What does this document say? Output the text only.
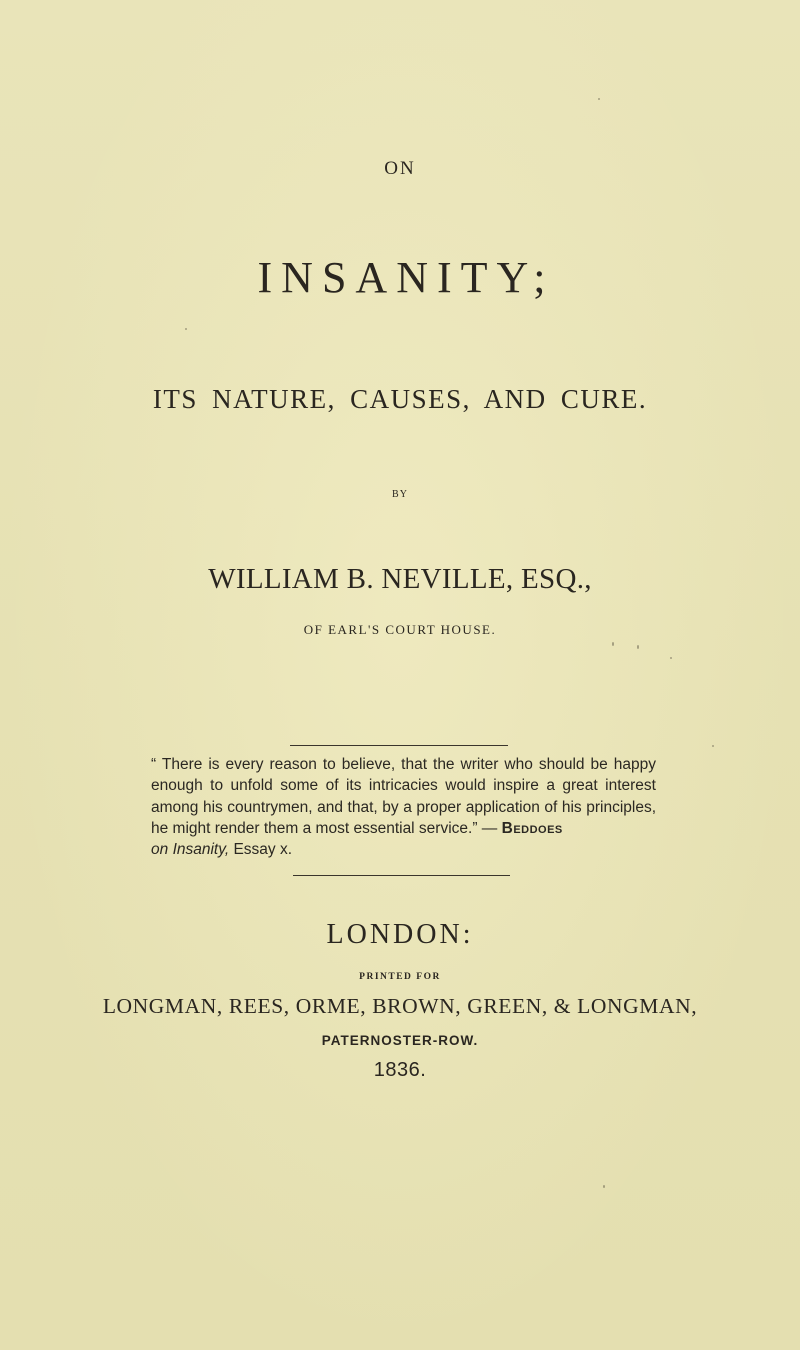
ON
INSANITY;
ITS NATURE, CAUSES, AND CURE.
BY
WILLIAM B. NEVILLE, ESQ.,
OF EARL'S COURT HOUSE.
“ There is every reason to believe, that the writer who should be happy enough to unfold some of its intricacies would inspire a great interest among his countrymen, and that, by a proper application of his principles, he might render them a most essential service.” — Beddoes
on Insanity, Essay x.
LONDON:
PRINTED FOR
LONGMAN, REES, ORME, BROWN, GREEN, & LONGMAN,
PATERNOSTER-ROW.
1836.
